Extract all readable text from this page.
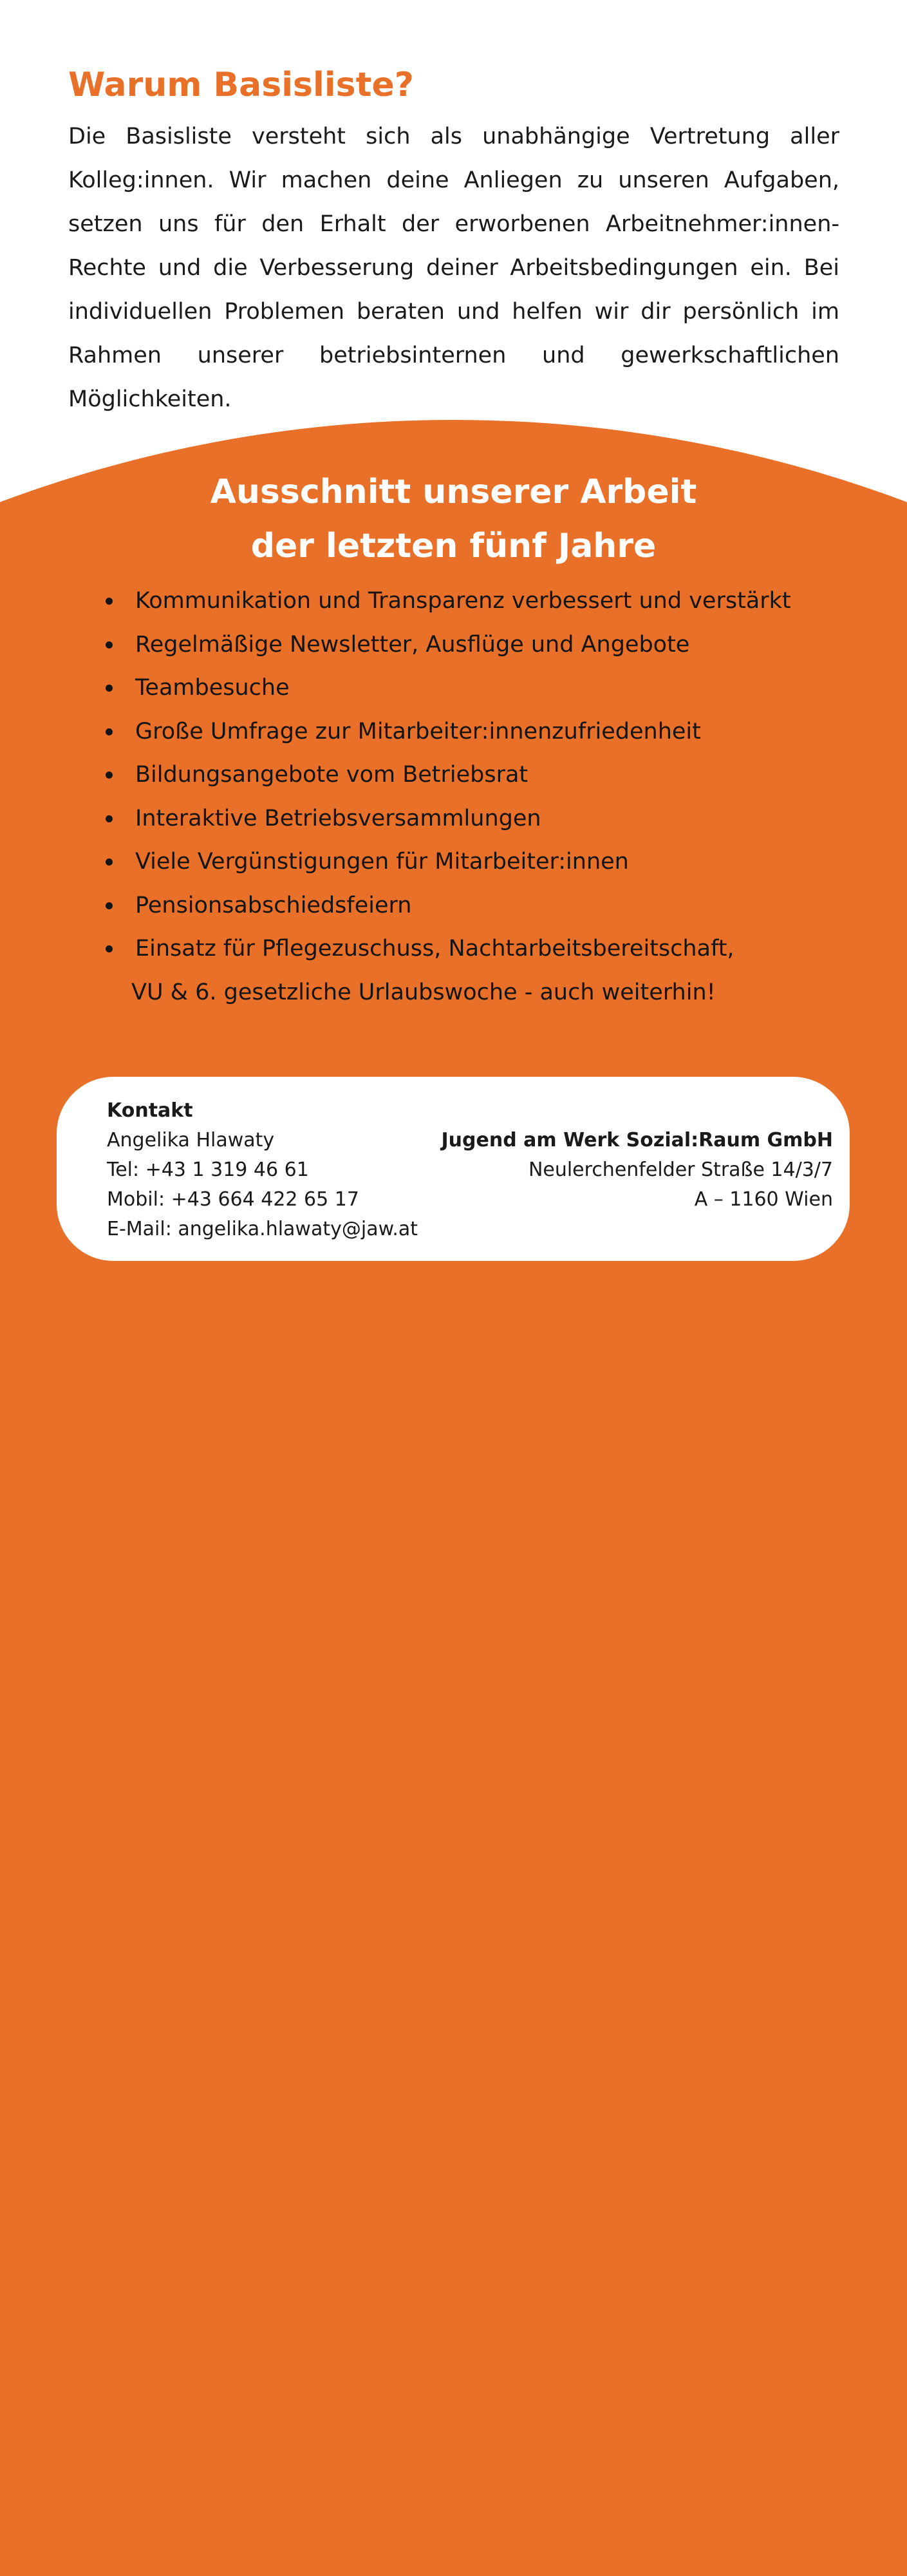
Warum Basisliste?

Die Basisliste versteht sich als unabhängige Vertretung aller Kolleg:innen. Wir machen deine Anliegen zu unseren Aufgaben, setzen uns für den Erhalt der erworbenen Arbeitnehmer:innen-Rechte und die Verbesserung deiner Arbeitsbedingungen ein. Bei individuellen Problemen beraten und helfen wir dir persönlich im Rahmen unserer betriebsinternen und gewerkschaftlichen Möglichkeiten.

Ausschnitt unserer Arbeit
der letzten fünf Jahre
Kommunikation und Transparenz verbessert und verstärkt
Regelmäßige Newsletter, Ausflüge und Angebote
Teambesuche
Große Umfrage zur Mitarbeiter:innenzufriedenheit
Bildungsangebote vom Betriebsrat
Interaktive Betriebsversammlungen
Viele Vergünstigungen für Mitarbeiter:innen
Pensionsabschiedsfeiern
Einsatz für Pflegezuschuss, Nachtarbeitsbereitschaft,
VU & 6. gesetzliche Urlaubswoche - auch weiterhin!
Kontakt
Angelika Hlawaty
Tel: +43 1 319 46 61
Mobil: +43 664 422 65 17
E-Mail: angelika.hlawaty@jaw.at
Jugend am Werk Sozial:Raum GmbH
Neulerchenfelder Straße 14/3/7
A – 1160 Wien
